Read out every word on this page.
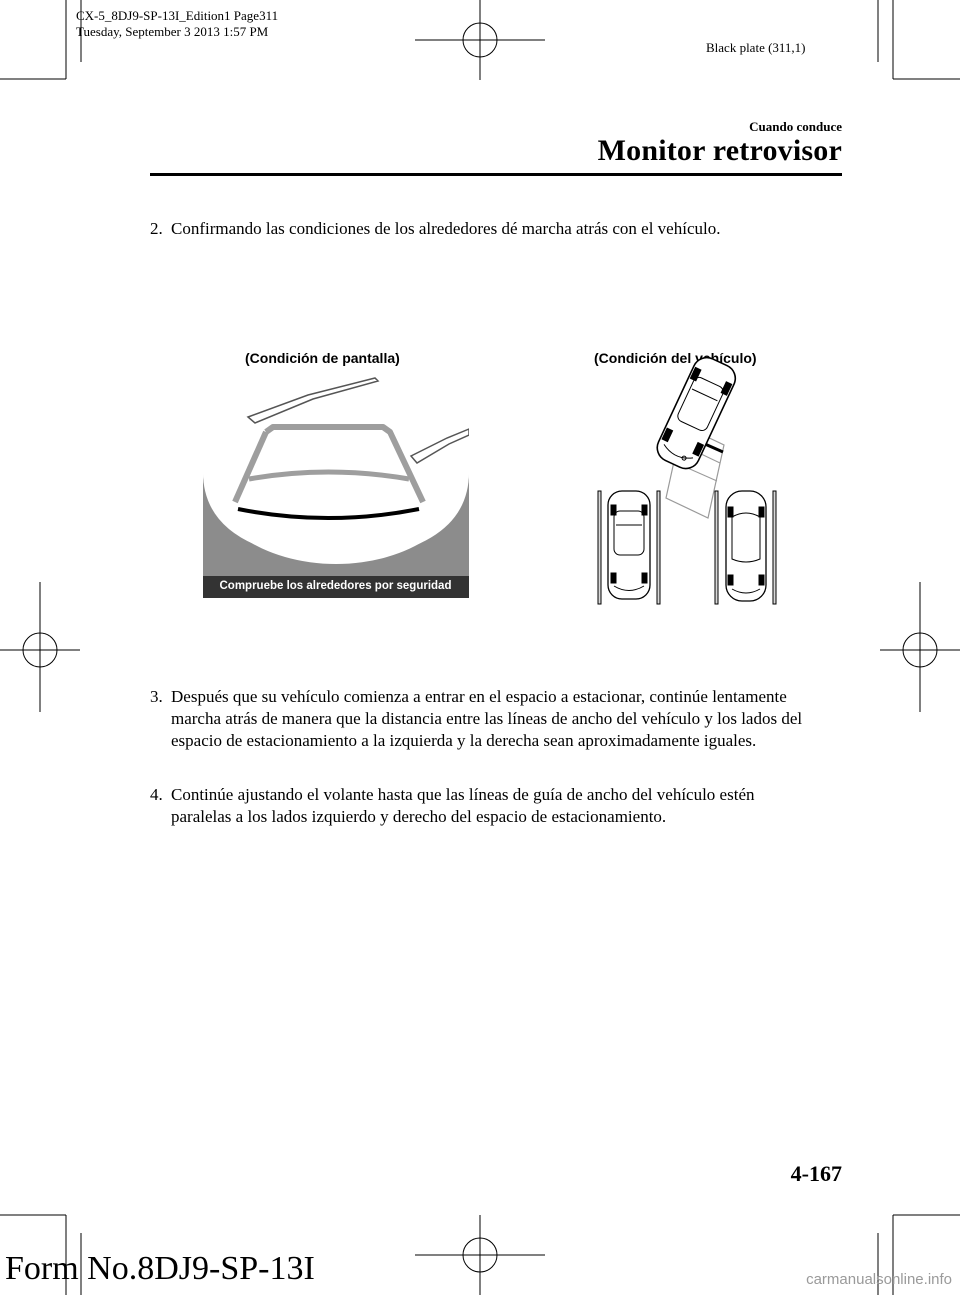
CX-5_8DJ9-SP-13I_Edition1 Page311
Tuesday, September 3 2013 1:57 PM
Black plate (311,1)
Cuando conduce
Monitor retrovisor
2. Confirmando las condiciones de los alrededores dé marcha atrás con el vehículo.
(Condición de pantalla)	(Condición del vehículo)
Compruebe los alrededores por seguridad
3. Después que su vehículo comienza a entrar en el espacio a estacionar, continúe lentamente marcha atrás de manera que la distancia entre las líneas de ancho del vehículo y los lados del espacio de estacionamiento a la izquierda y la derecha sean aproximadamente iguales.
4. Continúe ajustando el volante hasta que las líneas de guía de ancho del vehículo estén paralelas a los lados izquierdo y derecho del espacio de estacionamiento.
4-167
Form No.8DJ9-SP-13I	carmanualsonline.info
